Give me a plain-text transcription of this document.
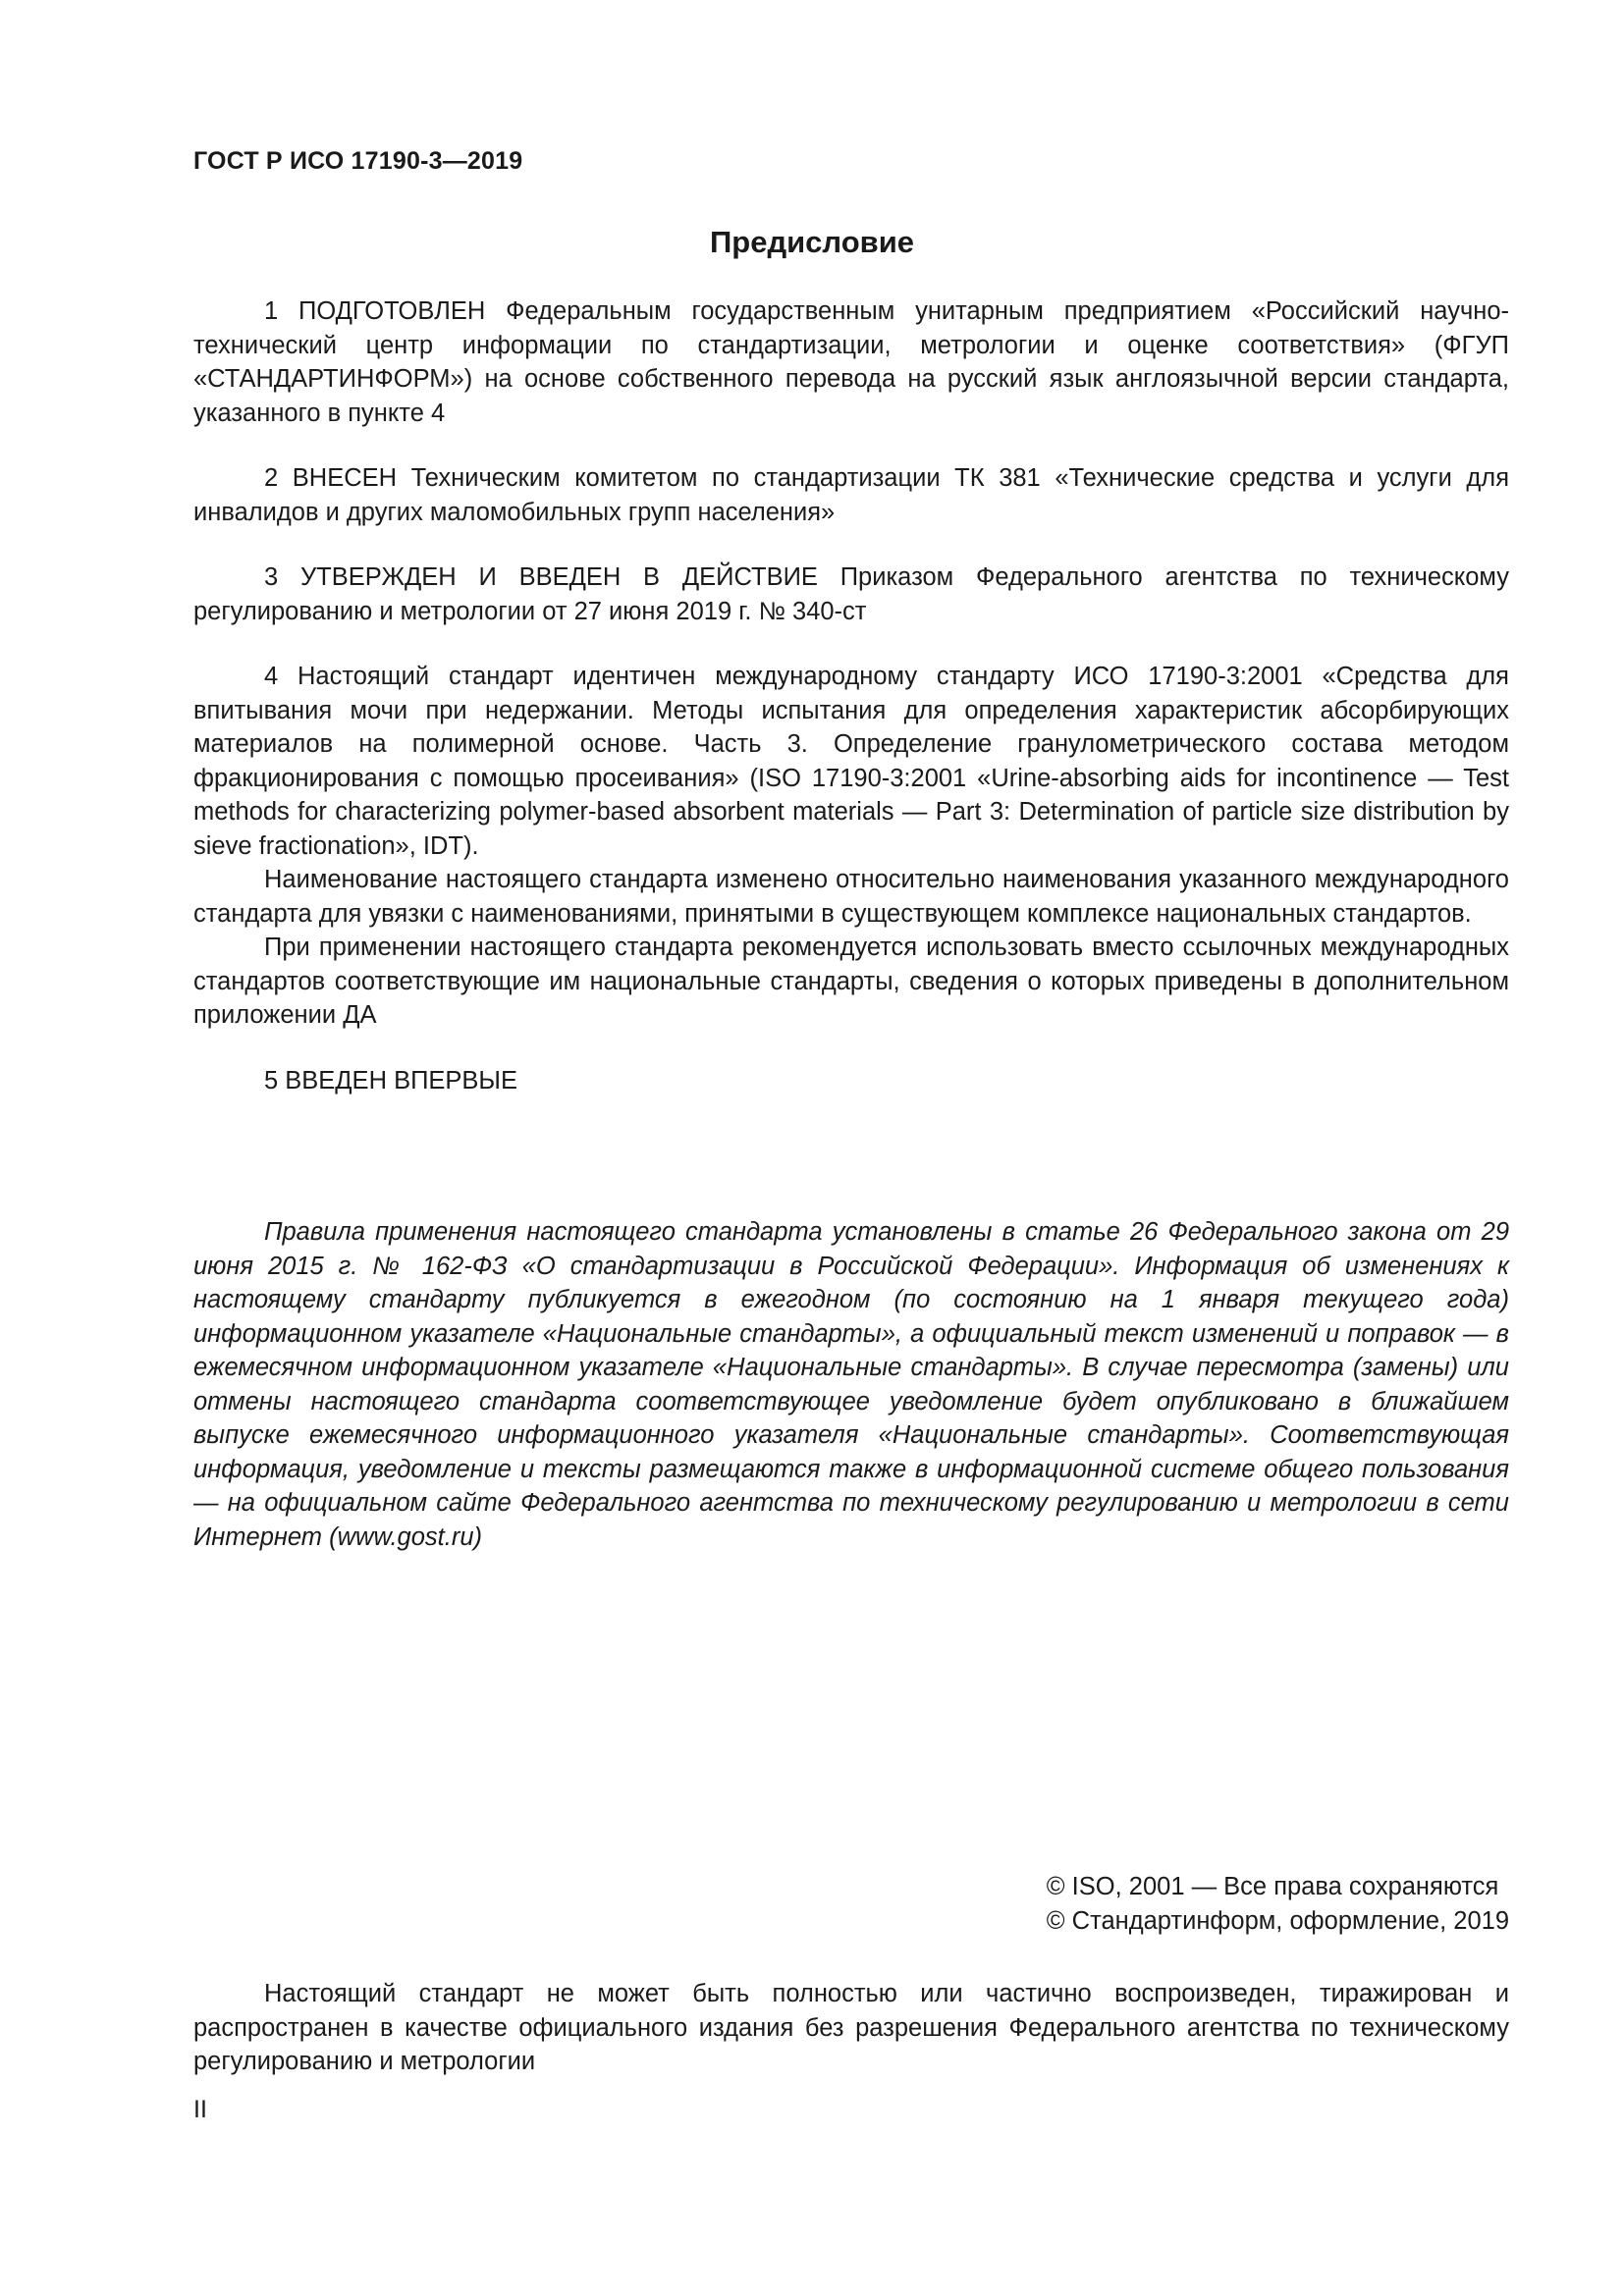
ГОСТ Р ИСО 17190-3—2019
Предисловие

1 ПОДГОТОВЛЕН Федеральным государственным унитарным предприятием «Российский научно-технический центр информации по стандартизации, метрологии и оценке соответствия» (ФГУП «СТАНДАРТИНФОРМ») на основе собственного перевода на русский язык англоязычной версии стандарта, указанного в пункте 4

2 ВНЕСЕН Техническим комитетом по стандартизации ТК 381 «Технические средства и услуги для инвалидов и других маломобильных групп населения»

3 УТВЕРЖДЕН И ВВЕДЕН В ДЕЙСТВИЕ Приказом Федерального агентства по техническому регулированию и метрологии от 27 июня 2019 г. № 340-ст

4 Настоящий стандарт идентичен международному стандарту ИСО 17190-3:2001 «Средства для впитывания мочи при недержании. Методы испытания для определения характеристик абсорбирующих материалов на полимерной основе. Часть 3. Определение гранулометрического состава методом фракционирования с помощью просеивания» (ISO 17190-3:2001 «Urine-absorbing aids for incontinence — Test methods for characterizing polymer-based absorbent materials — Part 3: Determination of particle size distribution by sieve fractionation», IDT).

Наименование настоящего стандарта изменено относительно наименования указанного международного стандарта для увязки с наименованиями, принятыми в существующем комплексе национальных стандартов.

При применении настоящего стандарта рекомендуется использовать вместо ссылочных международных стандартов соответствующие им национальные стандарты, сведения о которых приведены в дополнительном приложении ДА

5 ВВЕДЕН ВПЕРВЫЕ

Правила применения настоящего стандарта установлены в статье 26 Федерального закона от 29 июня 2015 г. № 162-ФЗ «О стандартизации в Российской Федерации». Информация об изменениях к настоящему стандарту публикуется в ежегодном (по состоянию на 1 января текущего года) информационном указателе «Национальные стандарты», а официальный текст изменений и поправок — в ежемесячном информационном указателе «Национальные стандарты». В случае пересмотра (замены) или отмены настоящего стандарта соответствующее уведомление будет опубликовано в ближайшем выпуске ежемесячного информационного указателя «Национальные стандарты». Соответствующая информация, уведомление и тексты размещаются также в информационной системе общего пользования — на официальном сайте Федерального агентства по техническому регулированию и метрологии в сети Интернет (www.gost.ru)

© ISO, 2001 — Все права сохраняются
© Стандартинформ, оформление, 2019

Настоящий стандарт не может быть полностью или частично воспроизведен, тиражирован и распространен в качестве официального издания без разрешения Федерального агентства по техническому регулированию и метрологии

II
